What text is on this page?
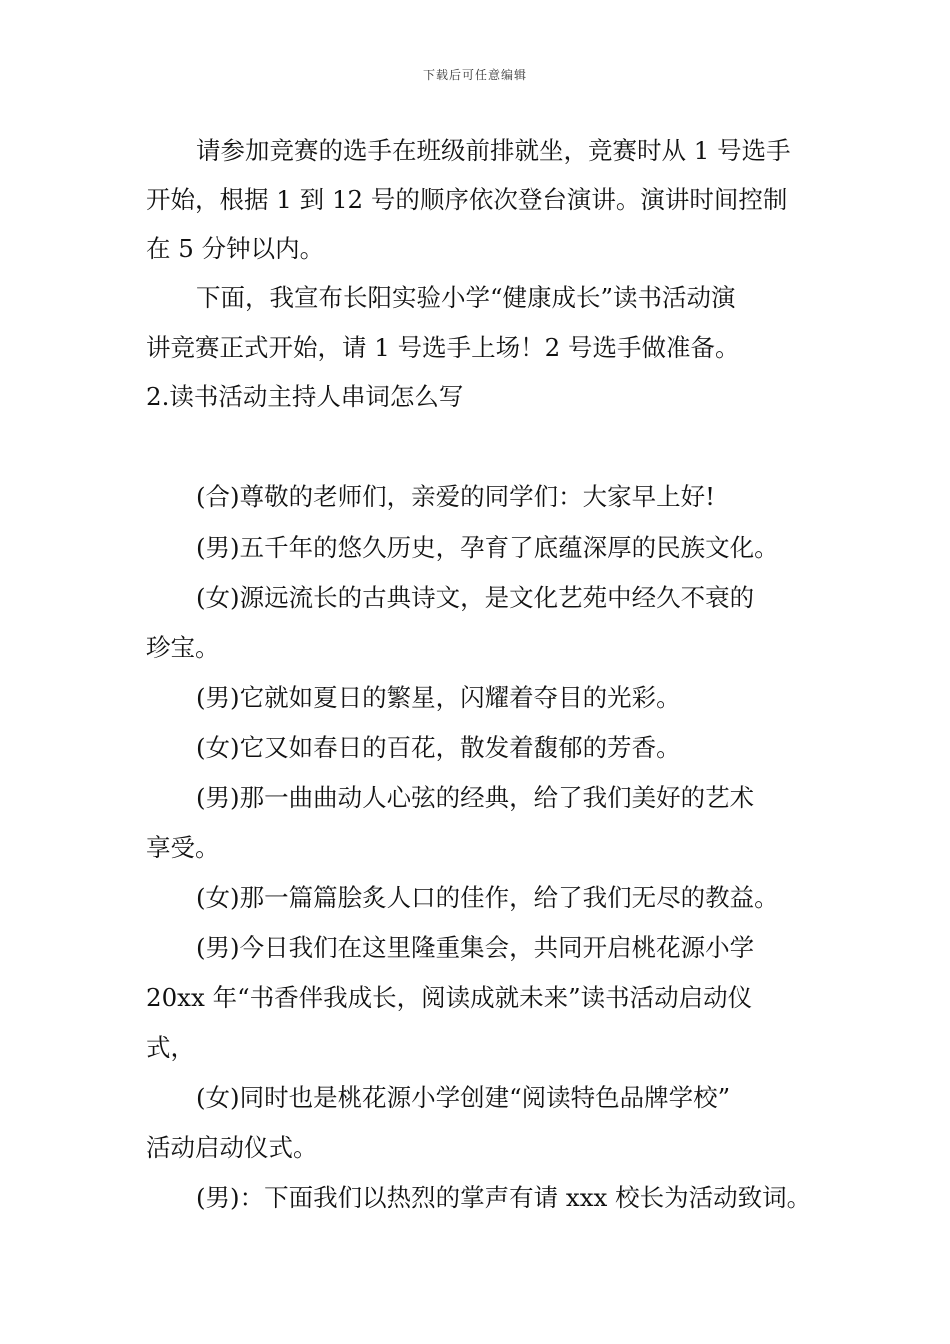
下载后可任意编辑
请参加竞赛的选手在班级前排就坐，竞赛时从 1 号选手
开始，根据 1 到 12 号的顺序依次登台演讲。演讲时间控制
在 5 分钟以内。
下面，我宣布长阳实验小学“健康成长”读书活动演
讲竞赛正式开始，请 1 号选手上场！2 号选手做准备。
2.读书活动主持人串词怎么写
(合)尊敬的老师们，亲爱的同学们：大家早上好!
(男)五千年的悠久历史，孕育了底蕴深厚的民族文化。
(女)源远流长的古典诗文，是文化艺苑中经久不衰的
珍宝。
(男)它就如夏日的繁星，闪耀着夺目的光彩。
(女)它又如春日的百花，散发着馥郁的芳香。
(男)那一曲曲动人心弦的经典，给了我们美好的艺术
享受。
(女)那一篇篇脍炙人口的佳作，给了我们无尽的教益。
(男)今日我们在这里隆重集会，共同开启桃花源小学
20xx 年“书香伴我成长，阅读成就未来”读书活动启动仪
式，
(女)同时也是桃花源小学创建“阅读特色品牌学校”
活动启动仪式。
(男)：下面我们以热烈的掌声有请 xxx 校长为活动致词。
